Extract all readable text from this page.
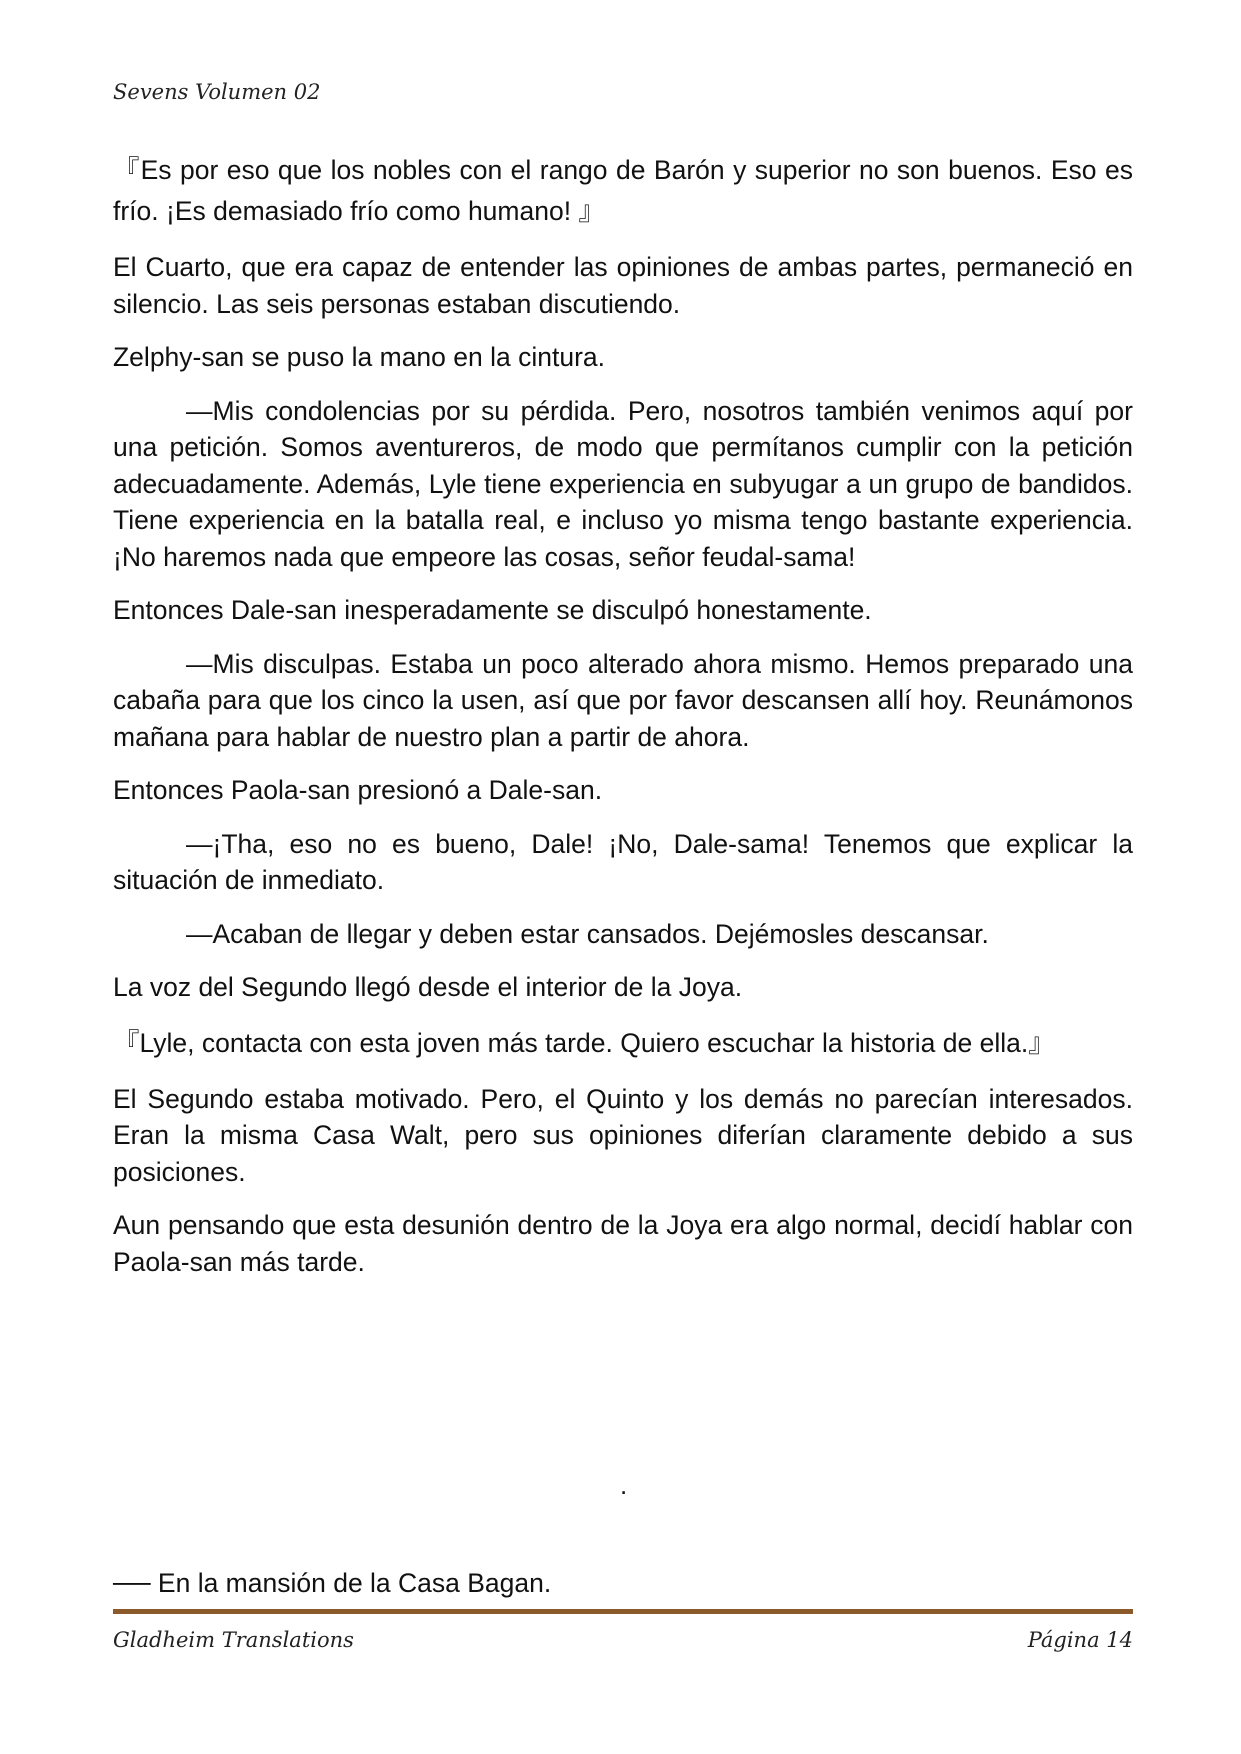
Sevens Volumen 02

『Es por eso que los nobles con el rango de Barón y superior no son buenos. Eso es frío. ¡Es demasiado frío como humano! 』

El Cuarto, que era capaz de entender las opiniones de ambas partes, permaneció en silencio. Las seis personas estaban discutiendo.

Zelphy-san se puso la mano en la cintura.

—Mis condolencias por su pérdida. Pero, nosotros también venimos aquí por una petición. Somos aventureros, de modo que permítanos cumplir con la petición adecuadamente. Además, Lyle tiene experiencia en subyugar a un grupo de bandidos. Tiene experiencia en la batalla real, e incluso yo misma tengo bastante experiencia. ¡No haremos nada que empeore las cosas, señor feudal-sama!

Entonces Dale-san inesperadamente se disculpó honestamente.

—Mis disculpas. Estaba un poco alterado ahora mismo. Hemos preparado una cabaña para que los cinco la usen, así que por favor descansen allí hoy. Reunámonos mañana para hablar de nuestro plan a partir de ahora.

Entonces Paola-san presionó a Dale-san.

—¡Tha, eso no es bueno, Dale! ¡No, Dale-sama! Tenemos que explicar la situación de inmediato.

—Acaban de llegar y deben estar cansados. Dejémosles descansar.

La voz del Segundo llegó desde el interior de la Joya.

『Lyle, contacta con esta joven más tarde. Quiero escuchar la historia de ella.』

El Segundo estaba motivado. Pero, el Quinto y los demás no parecían interesados. Eran la misma Casa Walt, pero sus opiniones diferían claramente debido a sus posiciones.

Aun pensando que esta desunión dentro de la Joya era algo normal, decidí hablar con Paola-san más tarde.

.
── En la mansión de la Casa Bagan.
Gladheim Translations	Página 14
